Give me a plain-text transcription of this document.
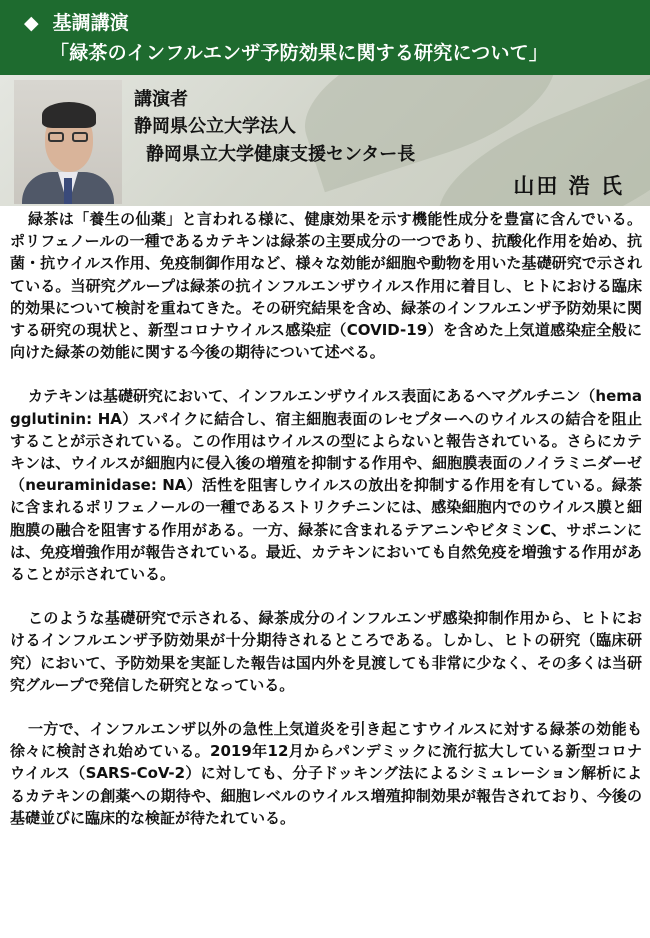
◆ 基調講演
「緑茶のインフルエンザ予防効果に関する研究について」
講演者
静岡県公立大学法人
静岡県立大学健康支援センター長
山田 浩 氏

緑茶は「養生の仙薬」と言われる様に、健康効果を示す機能性成分を豊富に含んでいる。ポリフェノールの一種であるカテキンは緑茶の主要成分の一つであり、抗酸化作用を始め、抗菌・抗ウイルス作用、免疫制御作用など、様々な効能が細胞や動物を用いた基礎研究で示されている。当研究グループは緑茶の抗インフルエンザウイルス作用に着目し、ヒトにおける臨床的効果について検討を重ねてきた。その研究結果を含め、緑茶のインフルエンザ予防効果に関する研究の現状と、新型コロナウイルス感染症（COVID-19）を含めた上気道感染症全般に向けた緑茶の効能に関する今後の期待について述べる。

カテキンは基礎研究において、インフルエンザウイルス表面にあるヘマグルチニン（hemagglutinin: HA）スパイクに結合し、宿主細胞表面のレセプターへのウイルスの結合を阻止することが示されている。この作用はウイルスの型によらないと報告されている。さらにカテキンは、ウイルスが細胞内に侵入後の増殖を抑制する作用や、細胞膜表面のノイラミニダーゼ（neuraminidase: NA）活性を阻害しウイルスの放出を抑制する作用を有している。緑茶に含まれるポリフェノールの一種であるストリクチニンには、感染細胞内でのウイルス膜と細胞膜の融合を阻害する作用がある。一方、緑茶に含まれるテアニンやビタミンC、サポニンには、免疫増強作用が報告されている。最近、カテキンにおいても自然免疫を増強する作用があることが示されている。

このような基礎研究で示される、緑茶成分のインフルエンザ感染抑制作用から、ヒトにおけるインフルエンザ予防効果が十分期待されるところである。しかし、ヒトの研究（臨床研究）において、予防効果を実証した報告は国内外を見渡しても非常に少なく、その多くは当研究グループで発信した研究となっている。

一方で、インフルエンザ以外の急性上気道炎を引き起こすウイルスに対する緑茶の効能も徐々に検討され始めている。2019年12月からパンデミックに流行拡大している新型コロナウイルス（SARS-CoV-2）に対しても、分子ドッキング法によるシミュレーション解析によるカテキンの創薬への期待や、細胞レベルのウイルス増殖抑制効果が報告されており、今後の基礎並びに臨床的な検証が待たれている。
